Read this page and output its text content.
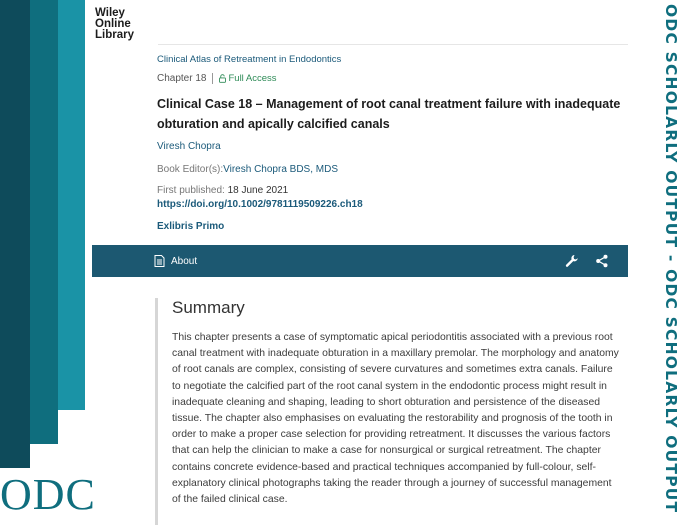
ODC	ODC SCHOLARLY OUTPUT - ODC SCHOLARLY OUTPUT
Wiley
Online
Library
Clinical Atlas of Retreatment in Endodontics
Chapter 18 Full Access
Clinical Case 18 – Management of root canal treatment failure with inadequate obturation and apically calcified canals
Viresh Chopra
Book Editor(s):Viresh Chopra BDS, MDS
First published: 18 June 2021
https://doi.org/10.1002/9781119509226.ch18
Exlibris Primo
About
Summary

This chapter presents a case of symptomatic apical periodontitis associated with a previous root canal treatment with inadequate obturation in a maxillary premolar. The morphology and anatomy of root canals are complex, consisting of severe curvatures and sometimes extra canals. Failure to negotiate the calcified part of the root canal system in the endodontic process might result in inadequate cleaning and shaping, leading to short obturation and persistence of the diseased tissue. The chapter also emphasises on evaluating the restorability and prognosis of the tooth in order to make a proper case selection for providing retreatment. It discusses the various factors that can help the clinician to make a case for nonsurgical or surgical retreatment. The chapter contains concrete evidence-based and practical techniques accompanied by full-colour, self-explanatory clinical photographs taking the reader through a journey of successful management of the failed clinical case.
